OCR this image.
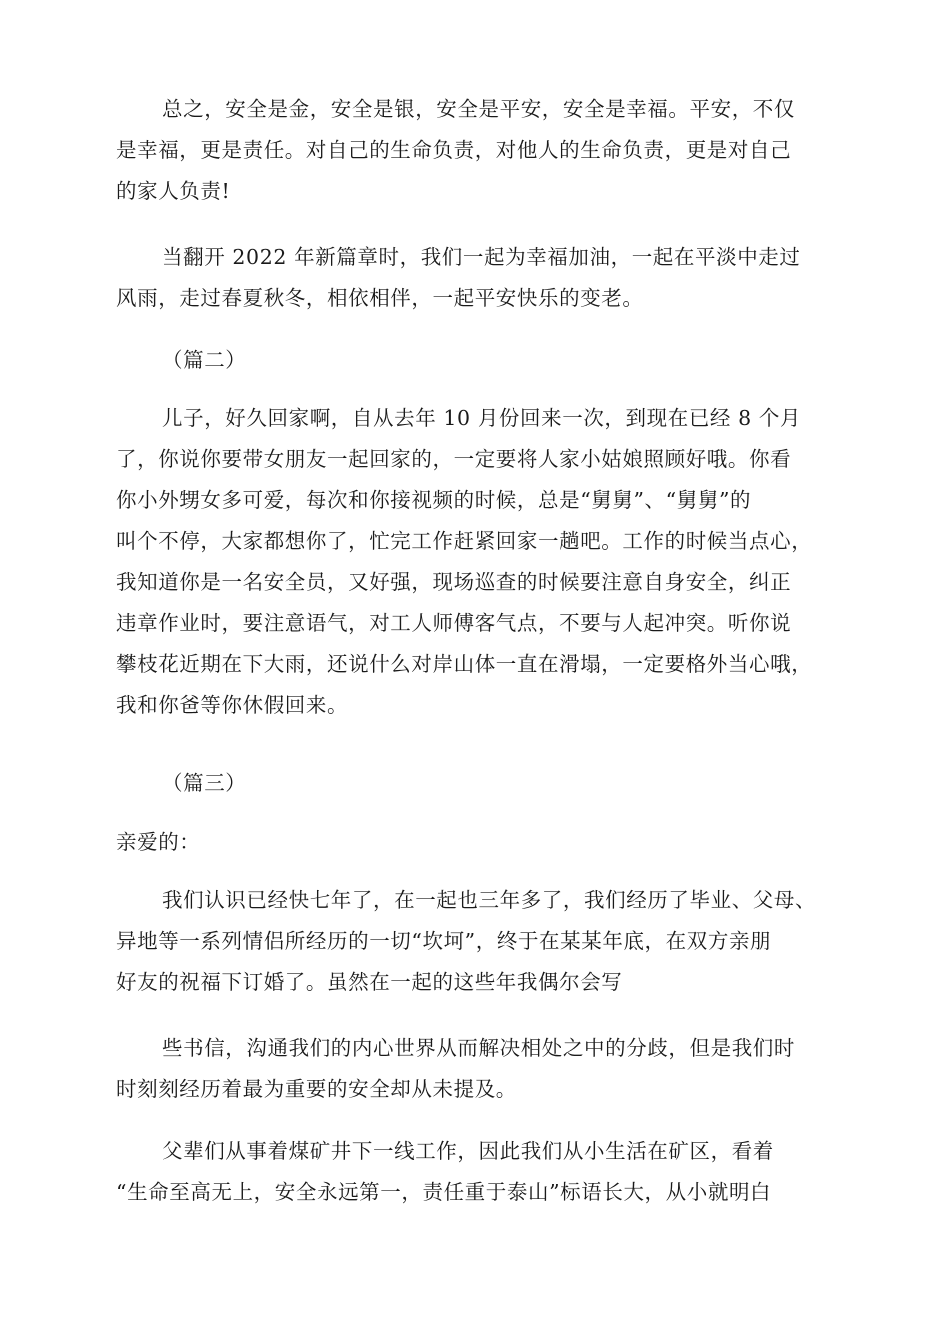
总之，安全是金，安全是银，安全是平安，安全是幸福。平安，不仅
是幸福，更是责任。对自己的生命负责，对他人的生命负责，更是对自己
的家人负责!
当翻开 2022 年新篇章时，我们一起为幸福加油，一起在平淡中走过
风雨，走过春夏秋冬，相依相伴，一起平安快乐的变老。

（篇二）

儿子，好久回家啊，自从去年 10 月份回来一次，到现在已经 8 个月
了，你说你要带女朋友一起回家的，一定要将人家小姑娘照顾好哦。你看
你小外甥女多可爱，每次和你接视频的时候，总是“舅舅”、“舅舅”的
叫个不停，大家都想你了，忙完工作赶紧回家一趟吧。工作的时候当点心，
我知道你是一名安全员，又好强，现场巡查的时候要注意自身安全，纠正
违章作业时，要注意语气，对工人师傅客气点，不要与人起冲突。听你说
攀枝花近期在下大雨，还说什么对岸山体一直在滑塌，一定要格外当心哦，
我和你爸等你休假回来。

（篇三）

亲爱的：

我们认识已经快七年了，在一起也三年多了，我们经历了毕业、父母、
异地等一系列情侣所经历的一切“坎坷”，终于在某某年底，在双方亲朋
好友的祝福下订婚了。虽然在一起的这些年我偶尔会写
些书信，沟通我们的内心世界从而解决相处之中的分歧，但是我们时
时刻刻经历着最为重要的安全却从未提及。
父辈们从事着煤矿井下一线工作，因此我们从小生活在矿区，看着
“生命至高无上，安全永远第一，责任重于泰山”标语长大，从小就明白
